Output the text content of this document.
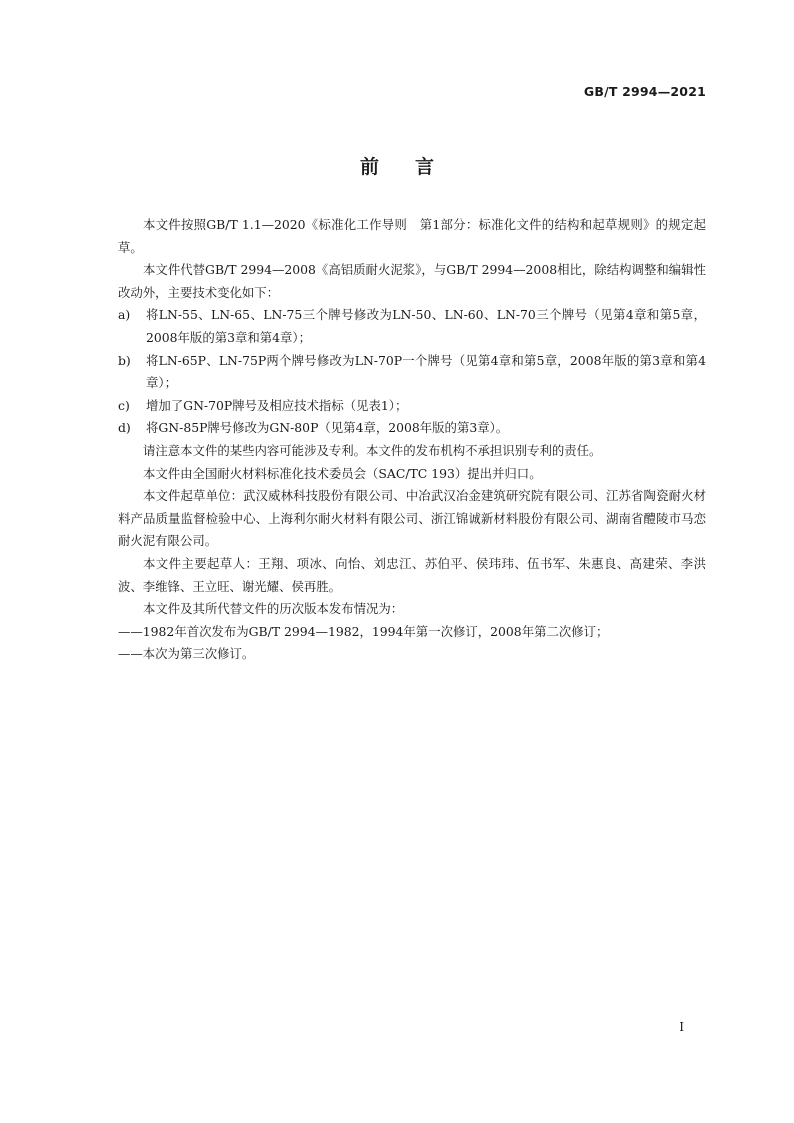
GB/T 2994—2021
前言

本文件按照GB/T 1.1—2020《标准化工作导则　第1部分：标准化文件的结构和起草规则》的规定起草。

本文件代替GB/T 2994—2008《高铝质耐火泥浆》，与GB/T 2994—2008相比，除结构调整和编辑性改动外，主要技术变化如下：

a) 将LN-55、LN-65、LN-75三个牌号修改为LN-50、LN-60、LN-70三个牌号（见第4章和第5章，2008年版的第3章和第4章）；

b) 将LN-65P、LN-75P两个牌号修改为LN-70P一个牌号（见第4章和第5章，2008年版的第3章和第4章）；

c) 增加了GN-70P牌号及相应技术指标（见表1）；

d) 将GN-85P牌号修改为GN-80P（见第4章，2008年版的第3章）。

请注意本文件的某些内容可能涉及专利。本文件的发布机构不承担识别专利的责任。

本文件由全国耐火材料标准化技术委员会（SAC/TC 193）提出并归口。

本文件起草单位：武汉威林科技股份有限公司、中冶武汉冶金建筑研究院有限公司、江苏省陶瓷耐火材料产品质量监督检验中心、上海利尔耐火材料有限公司、浙江锦诚新材料股份有限公司、湖南省醴陵市马恋耐火泥有限公司。

本文件主要起草人：王翔、项冰、向怡、刘忠江、苏伯平、侯玮玮、伍书军、朱惠良、高建荣、李洪波、李维锋、王立旺、谢光耀、侯再胜。

本文件及其所代替文件的历次版本发布情况为：

——1982年首次发布为GB/T 2994—1982，1994年第一次修订，2008年第二次修订；

——本次为第三次修订。

I
